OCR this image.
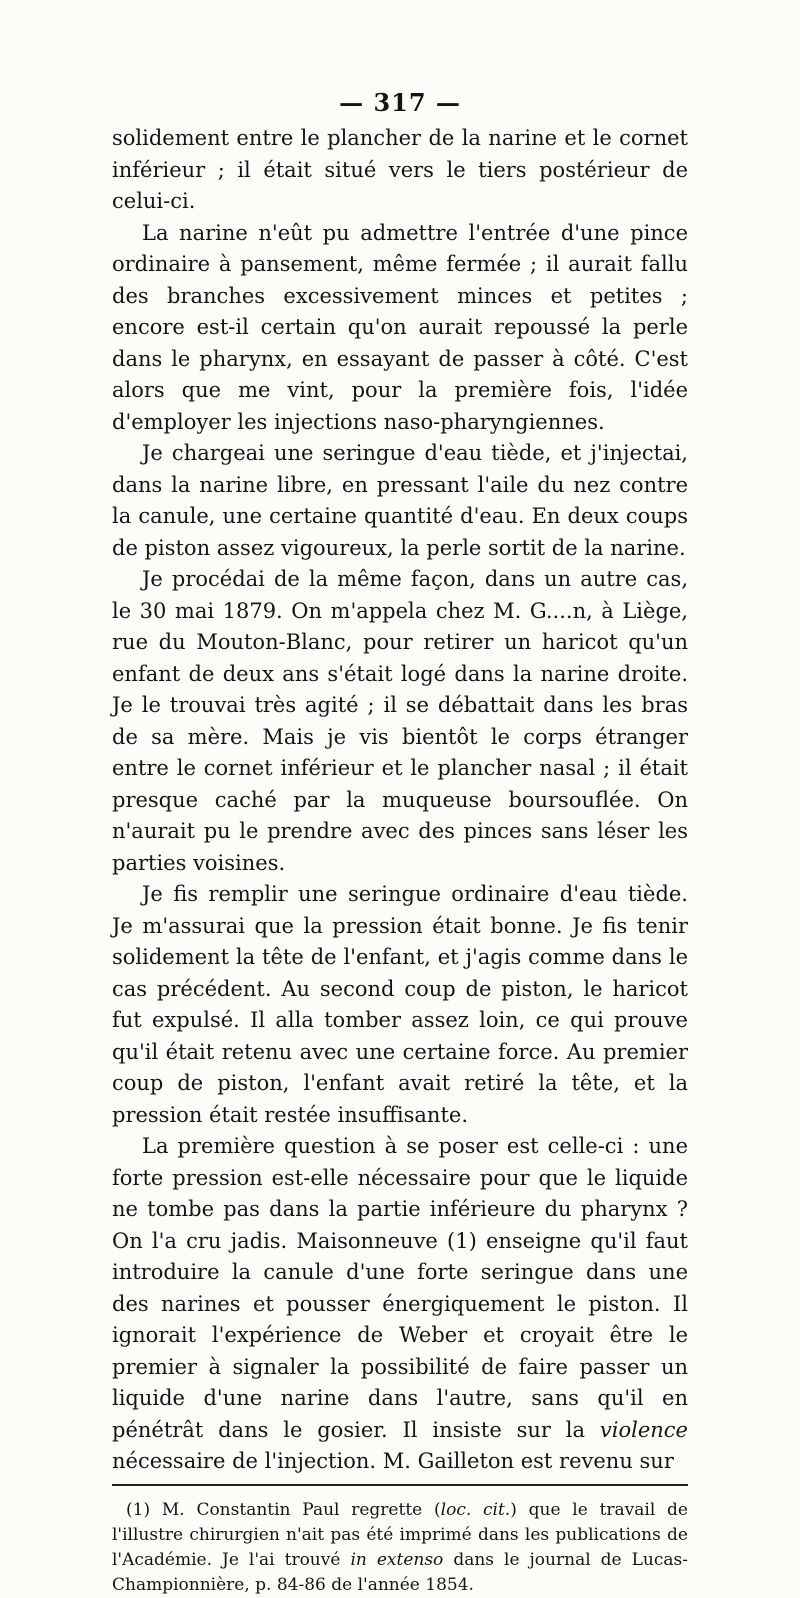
— 317 —

solidement entre le plancher de la narine et le cornet inférieur ; il était situé vers le tiers postérieur de celui-ci.

La narine n'eût pu admettre l'entrée d'une pince ordinaire à pansement, même fermée ; il aurait fallu des branches excessivement minces et petites ; encore est-il certain qu'on aurait repoussé la perle dans le pharynx, en essayant de passer à côté. C'est alors que me vint, pour la première fois, l'idée d'employer les injections naso-pharyngiennes.

Je chargeai une seringue d'eau tiède, et j'injectai, dans la narine libre, en pressant l'aile du nez contre la canule, une certaine quantité d'eau. En deux coups de piston assez vigoureux, la perle sortit de la narine.

Je procédai de la même façon, dans un autre cas, le 30 mai 1879. On m'appela chez M. G....n, à Liège, rue du Mouton-Blanc, pour retirer un haricot qu'un enfant de deux ans s'était logé dans la narine droite. Je le trouvai très agité ; il se débattait dans les bras de sa mère. Mais je vis bientôt le corps étranger entre le cornet inférieur et le plancher nasal ; il était presque caché par la muqueuse boursouflée. On n'aurait pu le prendre avec des pinces sans léser les parties voisines.

Je fis remplir une seringue ordinaire d'eau tiède. Je m'assurai que la pression était bonne. Je fis tenir solidement la tête de l'enfant, et j'agis comme dans le cas précédent. Au second coup de piston, le haricot fut expulsé. Il alla tomber assez loin, ce qui prouve qu'il était retenu avec une certaine force. Au premier coup de piston, l'enfant avait retiré la tête, et la pression était restée insuffisante.

La première question à se poser est celle-ci : une forte pression est-elle nécessaire pour que le liquide ne tombe pas dans la partie inférieure du pharynx ? On l'a cru jadis. Maisonneuve (1) enseigne qu'il faut introduire la canule d'une forte seringue dans une des narines et pousser énergiquement le piston. Il ignorait l'expérience de Weber et croyait être le premier à signaler la possibilité de faire passer un liquide d'une narine dans l'autre, sans qu'il en pénétrât dans le gosier. Il insiste sur la violence nécessaire de l'injection. M. Gailleton est revenu sur

(1) M. Constantin Paul regrette (loc. cit.) que le travail de l'illustre chirurgien n'ait pas été imprimé dans les publications de l'Académie. Je l'ai trouvé in extenso dans le journal de Lucas-Championnière, p. 84-86 de l'année 1854.
